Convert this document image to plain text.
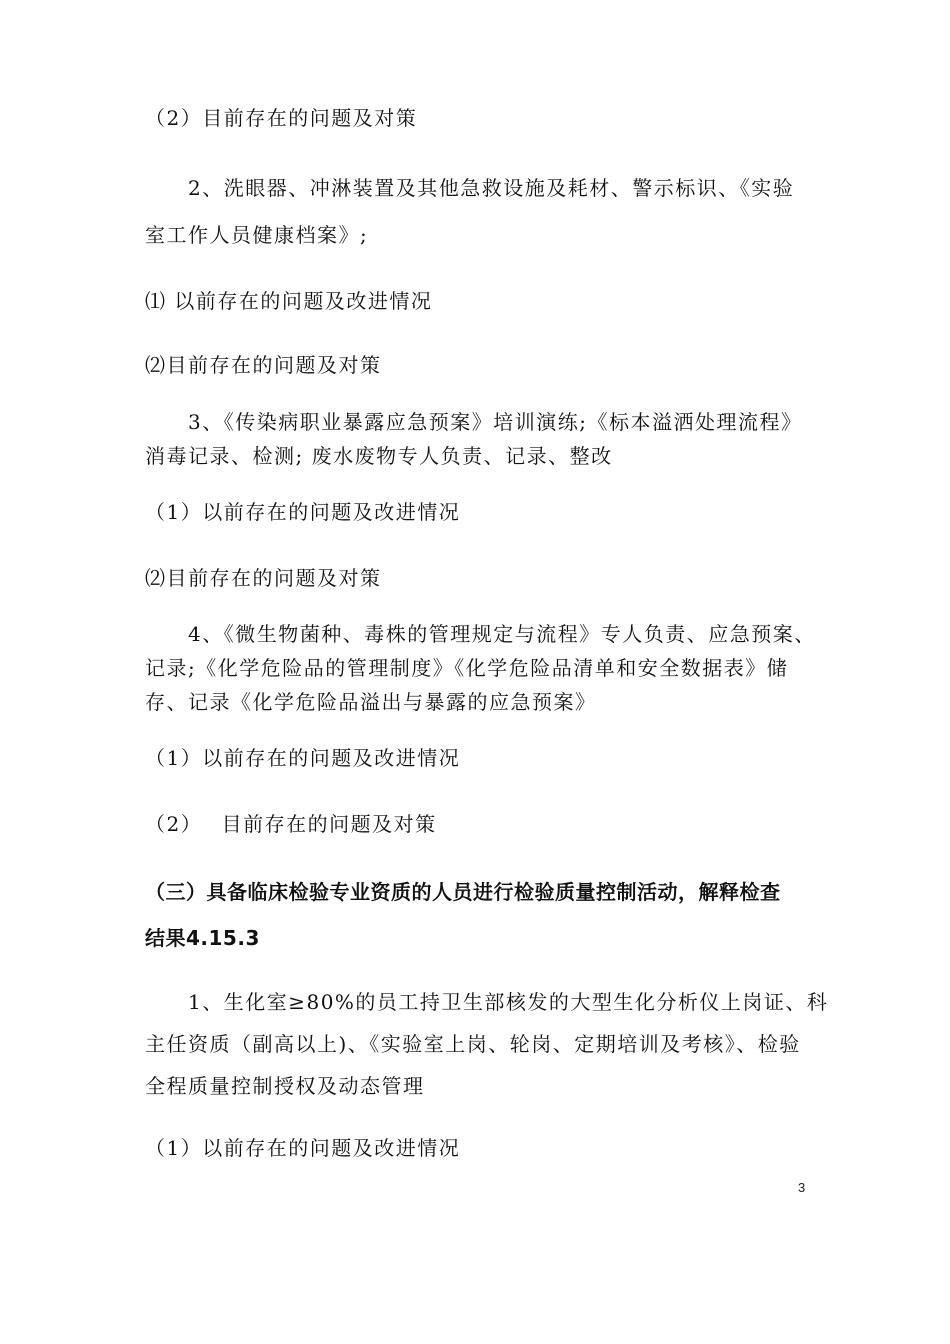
（2）目前存在的问题及对策
2、洗眼器、冲淋装置及其他急救设施及耗材、警示标识、《实验
室工作人员健康档案》;
⑴ 以前存在的问题及改进情况
⑵目前存在的问题及对策
3、《传染病职业暴露应急预案》培训演练;《标本溢洒处理流程》
消毒记录、检测; 废水废物专人负责、记录、整改
（1）以前存在的问题及改进情况
⑵目前存在的问题及对策
4、《微生物菌种、毒株的管理规定与流程》专人负责、应急预案、
记录;《化学危险品的管理制度》《化学危险品清单和安全数据表》储
存、记录《化学危险品溢出与暴露的应急预案》
（1）以前存在的问题及改进情况
（2）　 目前存在的问题及对策
（三）具备临床检验专业资质的人员进行检验质量控制活动，解释检查
结果4.15.3
1、生化室≥80%的员工持卫生部核发的大型生化分析仪上岗证、科
主任资质（副高以上)、《实验室上岗、轮岗、定期培训及考核》、检验
全程质量控制授权及动态管理
（1）以前存在的问题及改进情况
3
